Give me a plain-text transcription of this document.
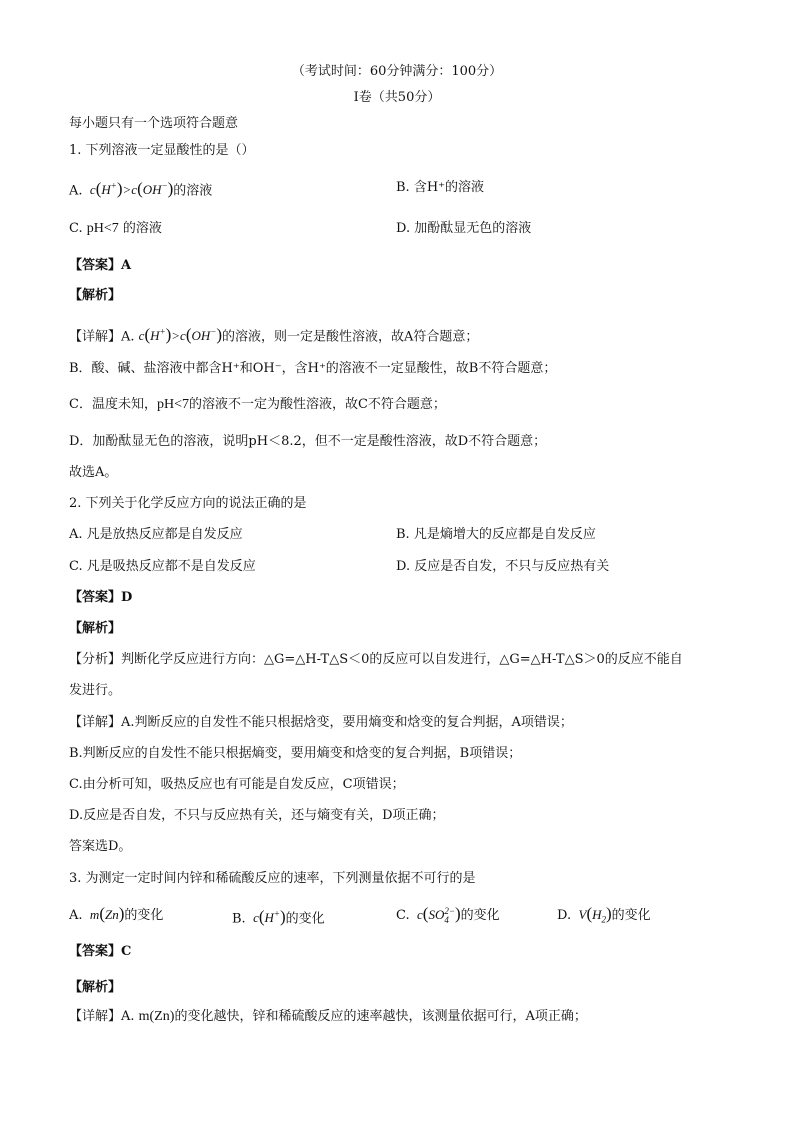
（考试时间：60分钟满分：100分）
Ⅰ卷（共50分）
每小题只有一个选项符合题意
1. 下列溶液一定显酸性的是（）
A.  c(H+)>c(OH−)的溶液	B. 含H⁺的溶液
C. pH<7 的溶液	D. 加酚酞显无色的溶液
【答案】A
【解析】
【详解】A. c(H+)>c(OH−)的溶液，则一定是酸性溶液，故A符合题意；
B．酸、碱、盐溶液中都含H⁺和OH⁻，含H⁺的溶液不一定显酸性，故B不符合题意；
C．温度未知，pH<7的溶液不一定为酸性溶液，故C不符合题意；
D．加酚酞显无色的溶液，说明pH＜8.2，但不一定是酸性溶液，故D不符合题意；
故选A。
2. 下列关于化学反应方向的说法正确的是
A. 凡是放热反应都是自发反应	B. 凡是熵增大的反应都是自发反应
C. 凡是吸热反应都不是自发反应	D. 反应是否自发，不只与反应热有关
【答案】D
【解析】
【分析】判断化学反应进行方向：△G=△H-T△S＜0的反应可以自发进行，△G=△H-T△S＞0的反应不能自
发进行。
【详解】A.判断反应的自发性不能只根据焓变，要用熵变和焓变的复合判据，A项错误；
B.判断反应的自发性不能只根据熵变，要用熵变和焓变的复合判据，B项错误；
C.由分析可知，吸热反应也有可能是自发反应，C项错误；
D.反应是否自发，不只与反应热有关，还与熵变有关，D项正确；
答案选D。
3. 为测定一定时间内锌和稀硫酸反应的速率，下列测量依据不可行的是
A.  m(Zn)的变化	B.  c(H+)的变化	C.  c(SO2−
4 )的变化	D.  $V(H_2)$的变化
【答案】C
【解析】
【详解】A. m(Zn)的变化越快，锌和稀硫酸反应的速率越快，该测量依据可行，A项正确；
